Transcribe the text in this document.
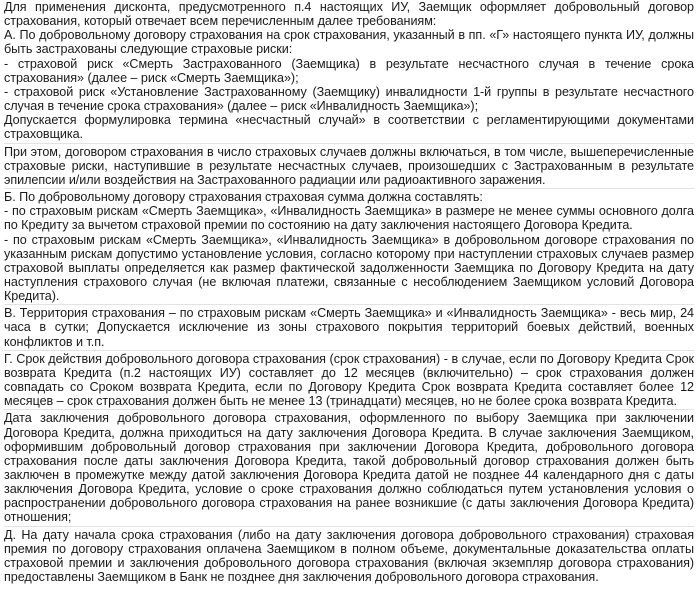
Для применения дисконта, предусмотренного п.4 настоящих ИУ, Заемщик оформляет добровольный договор страхования, который отвечает всем перечисленным далее требованиям:

А. По добровольному договору страхования на срок страхования, указанный в пп. «Г» настоящего пункта ИУ, должны быть застрахованы следующие страховые риски:

- страховой риск «Смерть Застрахованного (Заемщика) в результате несчастного случая в течение срока страхования» (далее – риск «Смерть Заемщика»);

- страховой риск «Установление Застрахованному (Заемщику) инвалидности 1-й группы в результате несчастного случая в течение срока страхования» (далее – риск «Инвалидность Заемщика»);

Допускается формулировка термина «несчастный случай» в соответствии с регламентирующими документами страховщика.

При этом, договором страхования в число страховых случаев должны включаться, в том числе, вышеперечисленные страховые риски, наступившие в результате несчастных случаев, произошедших с Застрахованным в результате эпилепсии и/или воздействия на Застрахованного радиации или радиоактивного заражения.

Б. По добровольному договору страхования страховая сумма должна составлять:

- по страховым рискам «Смерть Заемщика», «Инвалидность Заемщика» в размере не менее суммы основного долга по Кредиту за вычетом страховой премии по состоянию на дату заключения настоящего Договора Кредита.

- по страховым рискам «Смерть Заемщика», «Инвалидность Заемщика» в добровольном договоре страхования по указанным рискам допустимо установление условия, согласно которому при наступлении страховых случаев размер страховой выплаты определяется как размер фактической задолженности Заемщика по Договору Кредита на дату наступления страхового случая (не включая платежи, связанные с несоблюдением Заемщиком условий Договора Кредита).

В. Территория страхования – по страховым рискам «Смерть Заемщика» и «Инвалидность Заемщика» - весь мир, 24 часа в сутки; Допускается исключение из зоны страхового покрытия территорий боевых действий, военных конфликтов и т.п.

Г. Срок действия добровольного договора страхования (срок страхования) - в случае, если по Договору Кредита Срок возврата Кредита (п.2 настоящих ИУ) составляет до 12 месяцев (включительно) – срок страхования должен совпадать со Сроком возврата Кредита, если по Договору Кредита Срок возврата Кредита составляет более 12 месяцев – срок страхования должен быть не менее 13 (тринадцати) месяцев, но не более срока возврата Кредита.

Дата заключения добровольного договора страхования, оформленного по выбору Заемщика при заключении Договора Кредита, должна приходиться на дату заключения Договора Кредита. В случае заключения Заемщиком, оформившим добровольный договор страхования при заключении Договора Кредита, добровольного договора страхования после даты заключения Договора Кредита, такой добровольный договор страхования должен быть заключен в промежутке между датой заключения Договора Кредита датой не позднее 44 календарного дня с даты заключения Договора Кредита, условие о сроке страхования должно соблюдаться путем установления условия о распространении добровольного договора страхования на ранее возникшие (с даты заключения Договора Кредита) отношения;

Д. На дату начала срока страхования (либо на дату заключения договора добровольного страхования) страховая премия по договору страхования оплачена Заемщиком в полном объеме, документальные доказательства оплаты страховой премии и заключения добровольного договора страхования (включая экземпляр договора страхования) предоставлены Заемщиком в Банк не позднее дня заключения добровольного договора страхования.
